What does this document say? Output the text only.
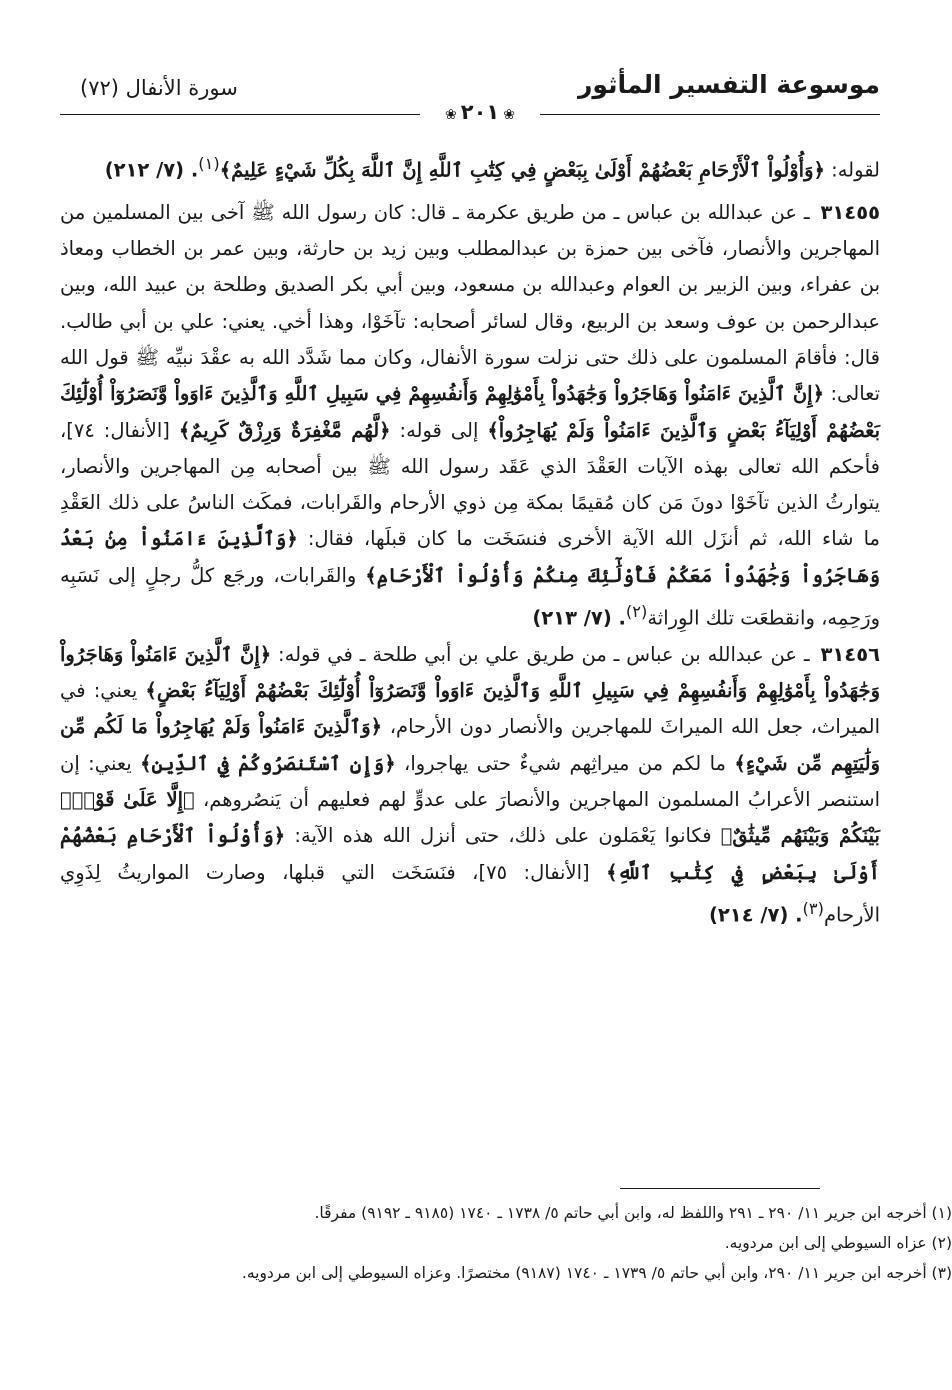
موسوعة التفسير المأثور
سورة الأنفال (٧٢)
❀٢٠١❀

لقوله: ﴿وَأُوْلُواْ ٱلْأَرْحَامِ بَعْضُهُمْ أَوْلَىٰ بِبَعْضٍ فِي كِتَٰبِ ٱللَّهِ إِنَّ ٱللَّهَ بِكُلِّ شَيْءٍ عَلِيمٌ﴾$^{(١)}$. (٧/ ٢١٢)

٣١٤٥٥ ـ عن عبدالله بن عباس ـ من طريق عكرمة ـ قال: كان رسول الله ﷺ آخى بين المسلمين من المهاجرين والأنصار، فآخى بين حمزة بن عبدالمطلب وبين زيد بن حارثة، وبين عمر بن الخطاب ومعاذ بن عفراء، وبين الزبير بن العوام وعبدالله بن مسعود، وبين أبي بكر الصديق وطلحة بن عبيد الله، وبين عبدالرحمن بن عوف وسعد بن الربيع، وقال لسائر أصحابه: تآخَوْا، وهذا أخي. يعني: علي بن أبي طالب. قال: فأقامَ المسلمون على ذلك حتى نزلت سورة الأنفال، وكان مما شَدَّد الله به عقْدَ نبيِّه ﷺ قول الله تعالى: ﴿إِنَّ ٱلَّذِينَ ءَامَنُواْ وَهَاجَرُواْ وَجَٰهَدُواْ بِأَمْوَٰلِهِمْ وَأَنفُسِهِمْ فِي سَبِيلِ ٱللَّهِ وَٱلَّذِينَ ءَاوَواْ وَّنَصَرُوٓاْ أُوْلَٰٓئِكَ بَعْضُهُمْ أَوْلِيَآءُ بَعْضٍ وَٱلَّذِينَ ءَامَنُواْ وَلَمْ يُهَاجِرُواْ﴾ إلى قوله: ﴿لَّهُم مَّغْفِرَةٌ وَرِزْقٌ كَرِيمٌ﴾ [الأنفال: ٧٤]، فأحكم الله تعالى بهذه الآيات العَقْدَ الذي عَقَد رسول الله ﷺ بين أصحابه مِن المهاجرين والأنصار، يتوارثُ الذين تآخَوْا دونَ مَن كان مُقيمًا بمكة مِن ذوي الأرحام والقَرابات، فمكَث الناسُ على ذلك العَقْدِ ما شاء الله، ثم أنزَل الله الآية الأخرى فنسَخَت ما كان قبلَها، فقال: ﴿وَٱلَّذِينَ ءَامَنُواْ مِنۢ بَعْدُ وَهَاجَرُواْ وَجَٰهَدُواْ مَعَكُمْ فَأُوْلَٰٓئِكَ مِنكُمْ وَأُوْلُواْ ٱلْأَرْحَامِ﴾ والقَرابات، ورجَع كلُّ رجلٍ إلى نَسَبِه ورَحِمِه، وانقطعَت تلك الوِراثة$^{(٢)}$. (٧/ ٢١٣)

٣١٤٥٦ ـ عن عبدالله بن عباس ـ من طريق علي بن أبي طلحة ـ في قوله: ﴿إِنَّ ٱلَّذِينَ ءَامَنُواْ وَهَاجَرُواْ وَجَٰهَدُواْ بِأَمْوَٰلِهِمْ وَأَنفُسِهِمْ فِي سَبِيلِ ٱللَّهِ وَٱلَّذِينَ ءَاوَواْ وَّنَصَرُوٓاْ أُوْلَٰٓئِكَ بَعْضُهُمْ أَوْلِيَآءُ بَعْضٍ﴾ يعني: في الميراث، جعل الله الميراثَ للمهاجرين والأنصار دون الأرحام، ﴿وَٱلَّذِينَ ءَامَنُواْ وَلَمْ يُهَاجِرُواْ مَا لَكُم مِّن وَلَٰيَتِهِم مِّن شَيْءٍ﴾ ما لكم من ميراثِهم شيءٌ حتى يهاجروا، ﴿وَإِنِ ٱسْتَنصَرُوكُمْ فِي ٱلدِّينِ﴾ يعني: إن استنصر الأعرابُ المسلمون المهاجرين والأنصارَ على عدوٍّ لهم فعليهم أن يَنصُروهم، ﴿إِلَّا عَلَىٰ قَوْمِۢ بَيْنَكُمْ وَبَيْنَهُم مِّيثَٰقٌ﴾ فكانوا يَعْمَلون على ذلك، حتى أنزل الله هذه الآية: ﴿وَأُوْلُواْ ٱلْأَرْحَامِ بَعْضُهُمْ أَوْلَىٰ بِبَعْضٍ فِي كِتَٰبِ ٱللَّهِ﴾ [الأنفال: ٧٥]، فنَسَخَت التي قبلها، وصارت المواريثُ لِذَوِي الأرحام$^{(٣)}$. (٧/ ٢١٤)

(١) أخرجه ابن جرير ١١/ ٢٩٠ ـ ٢٩١ واللفظ له، وابن أبي حاتم ٥/ ١٧٣٨ ـ ١٧٤٠ (٩١٨٥ ـ ٩١٩٢) مفرقًا.

(٢) عزاه السيوطي إلى ابن مردويه.

(٣) أخرجه ابن جرير ١١/ ٢٩٠، وابن أبي حاتم ٥/ ١٧٣٩ ـ ١٧٤٠ (٩١٨٧) مختصرًا. وعزاه السيوطي إلى ابن مردويه.
